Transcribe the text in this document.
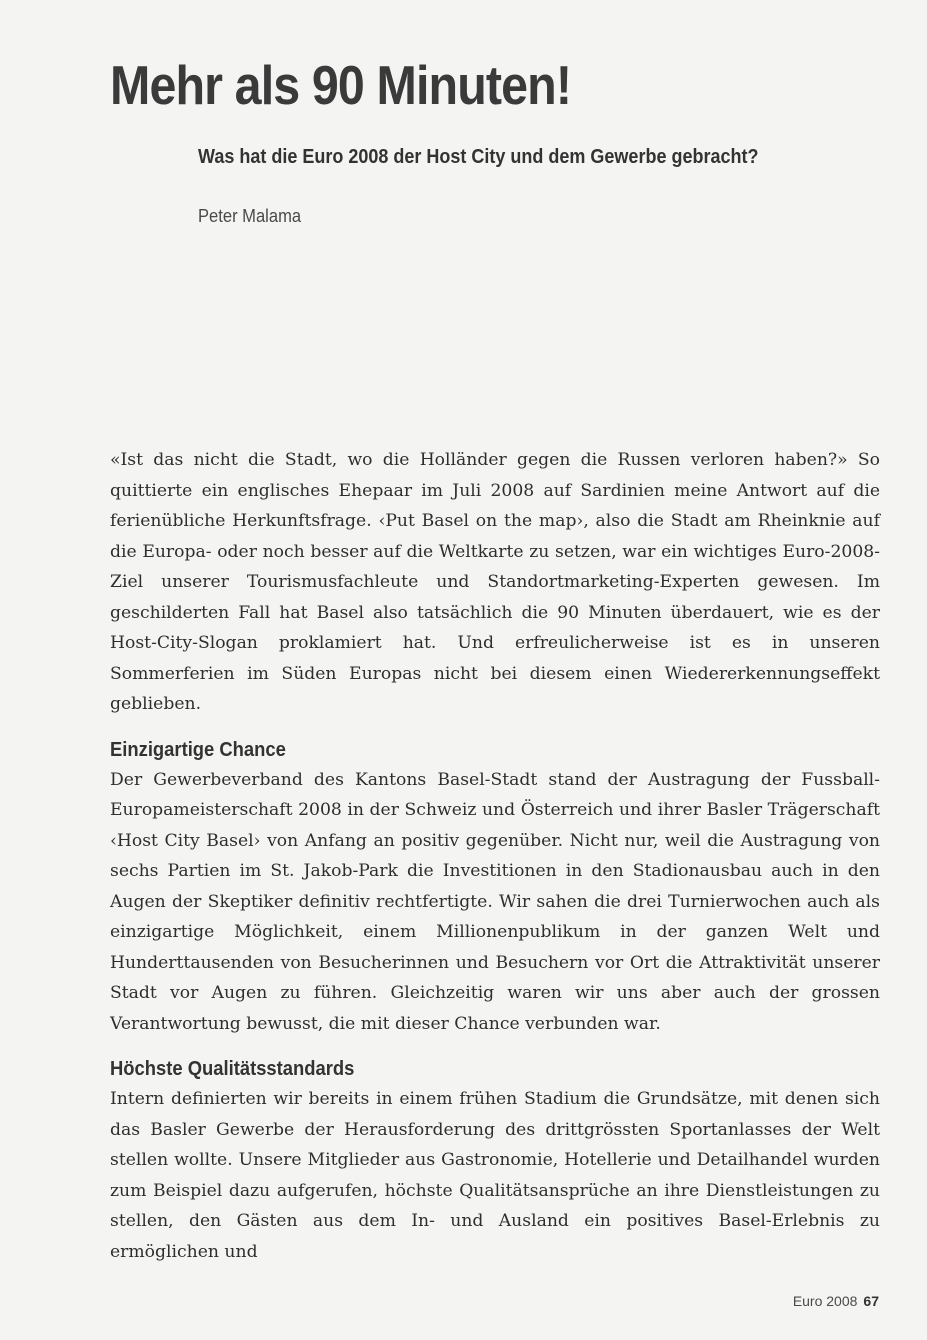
Mehr als 90 Minuten!
Was hat die Euro 2008 der Host City und dem Gewerbe gebracht?
Peter Malama

«Ist das nicht die Stadt, wo die Holländer gegen die Russen verloren haben?» So quittierte ein englisches Ehepaar im Juli 2008 auf Sardinien meine Antwort auf die ferienübliche Herkunftsfrage. ‹Put Basel on the map›, also die Stadt am Rheinknie auf die Europa- oder noch besser auf die Weltkarte zu setzen, war ein wichtiges Euro-2008-Ziel unserer Tourismusfachleute und Standortmarketing-Experten gewesen. Im geschilderten Fall hat Basel also tatsächlich die 90 Minuten überdauert, wie es der Host-City-Slogan proklamiert hat. Und erfreulicherweise ist es in unseren Sommerferien im Süden Europas nicht bei diesem einen Wiedererkennungseffekt geblieben.

Einzigartige Chance

Der Gewerbeverband des Kantons Basel-Stadt stand der Austragung der Fussball-Europameisterschaft 2008 in der Schweiz und Österreich und ihrer Basler Trägerschaft ‹Host City Basel› von Anfang an positiv gegenüber. Nicht nur, weil die Austragung von sechs Partien im St. Jakob-Park die Investitionen in den Stadionausbau auch in den Augen der Skeptiker definitiv rechtfertigte. Wir sahen die drei Turnierwochen auch als einzigartige Möglichkeit, einem Millionenpublikum in der ganzen Welt und Hunderttausenden von Besucherinnen und Besuchern vor Ort die Attraktivität unserer Stadt vor Augen zu führen. Gleichzeitig waren wir uns aber auch der grossen Verantwortung bewusst, die mit dieser Chance verbunden war.

Höchste Qualitätsstandards

Intern definierten wir bereits in einem frühen Stadium die Grundsätze, mit denen sich das Basler Gewerbe der Herausforderung des drittgrössten Sportanlasses der Welt stellen wollte. Unsere Mitglieder aus Gastronomie, Hotellerie und Detailhandel wurden zum Beispiel dazu aufgerufen, höchste Qualitätsansprüche an ihre Dienstleistungen zu stellen, den Gästen aus dem In- und Ausland ein positives Basel-Erlebnis zu ermöglichen und

Euro 2008 67
